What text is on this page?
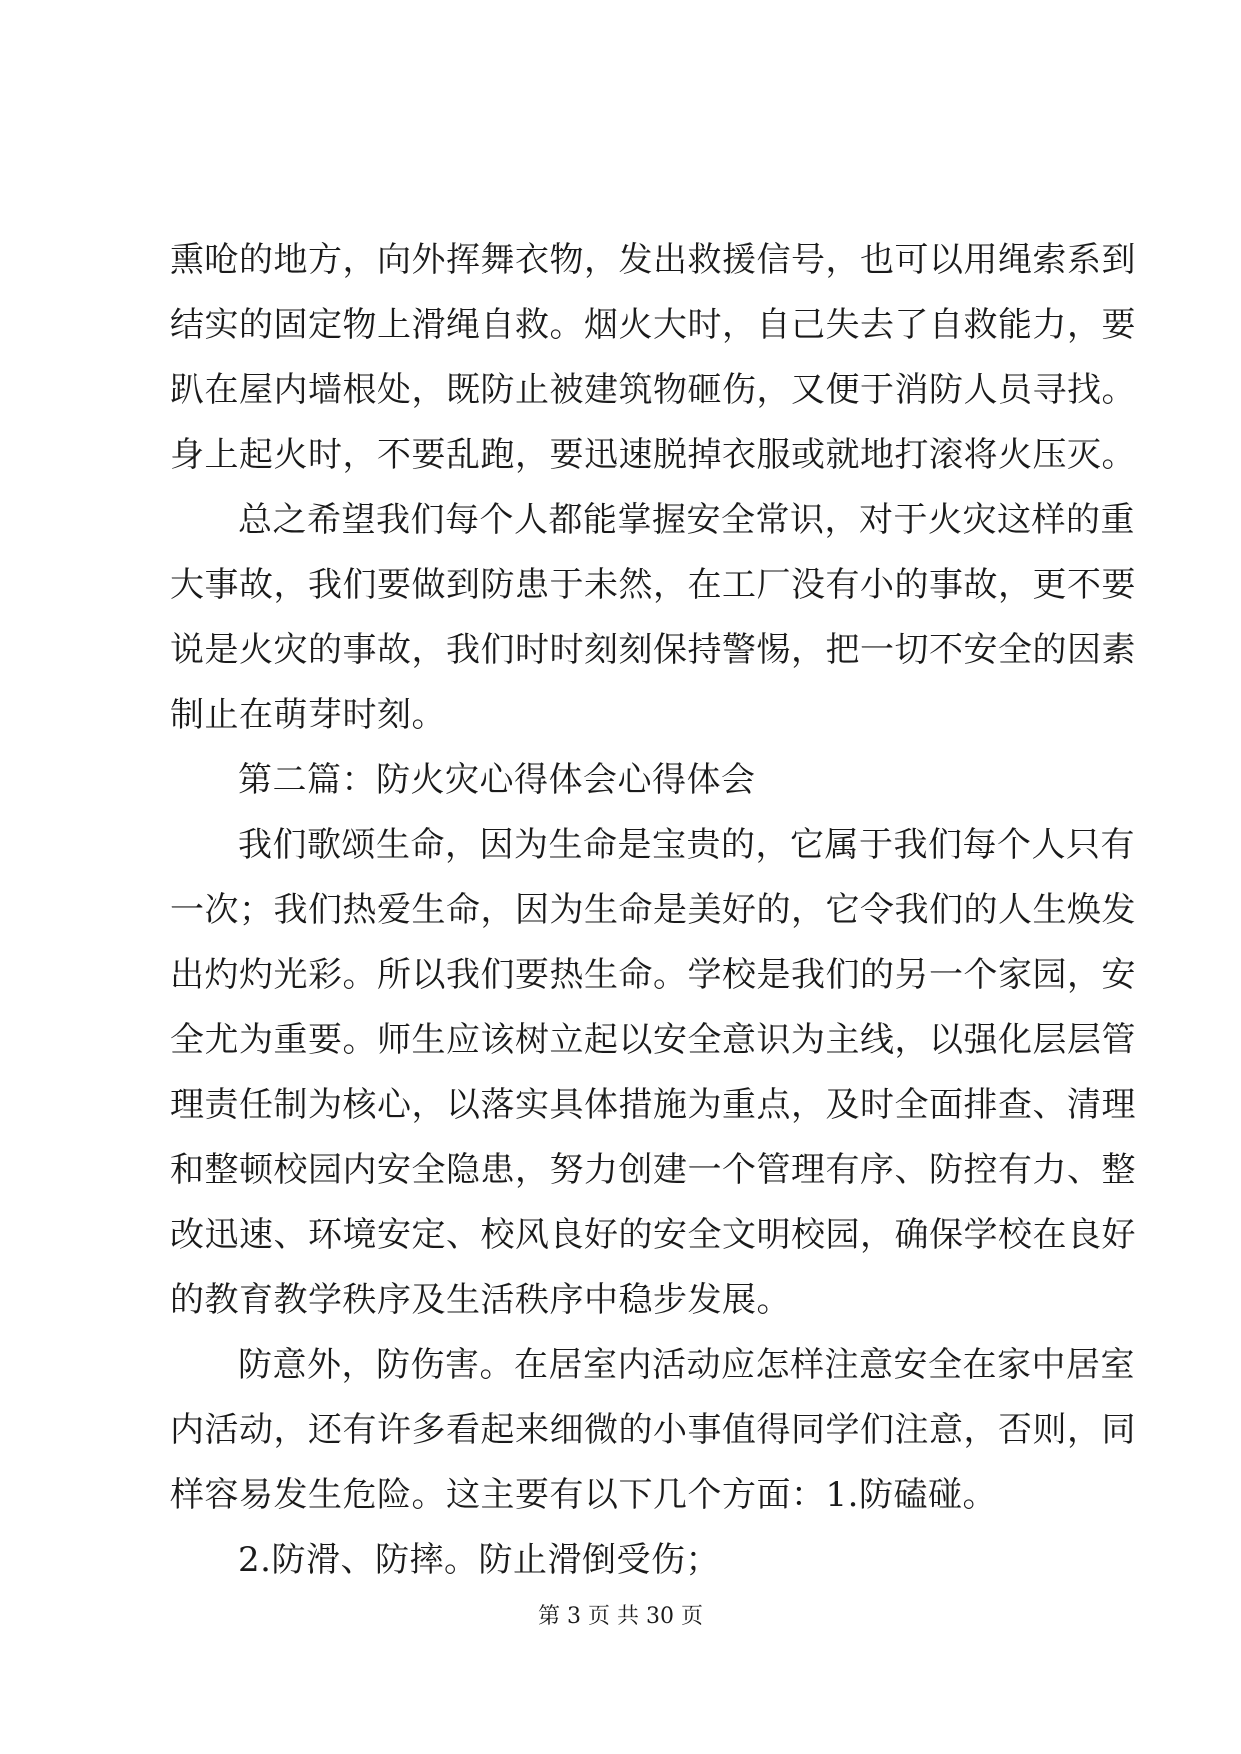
熏呛的地方，向外挥舞衣物，发出救援信号，也可以用绳索系到
结实的固定物上滑绳自救。烟火大时，自己失去了自救能力，要
趴在屋内墙根处，既防止被建筑物砸伤，又便于消防人员寻找。
身上起火时，不要乱跑，要迅速脱掉衣服或就地打滚将火压灭。
总之希望我们每个人都能掌握安全常识，对于火灾这样的重
大事故，我们要做到防患于未然，在工厂没有小的事故，更不要
说是火灾的事故，我们时时刻刻保持警惕，把一切不安全的因素
制止在萌芽时刻。
第二篇：防火灾心得体会心得体会
我们歌颂生命，因为生命是宝贵的，它属于我们每个人只有
一次；我们热爱生命，因为生命是美好的，它令我们的人生焕发
出灼灼光彩。所以我们要热生命。学校是我们的另一个家园，安
全尤为重要。师生应该树立起以安全意识为主线，以强化层层管
理责任制为核心，以落实具体措施为重点，及时全面排查、清理
和整顿校园内安全隐患，努力创建一个管理有序、防控有力、整
改迅速、环境安定、校风良好的安全文明校园，确保学校在良好
的教育教学秩序及生活秩序中稳步发展。
防意外，防伤害。在居室内活动应怎样注意安全在家中居室
内活动，还有许多看起来细微的小事值得同学们注意，否则，同
样容易发生危险。这主要有以下几个方面：1.防磕碰。
2.防滑、防摔。防止滑倒受伤；
第 3 页 共 30 页
